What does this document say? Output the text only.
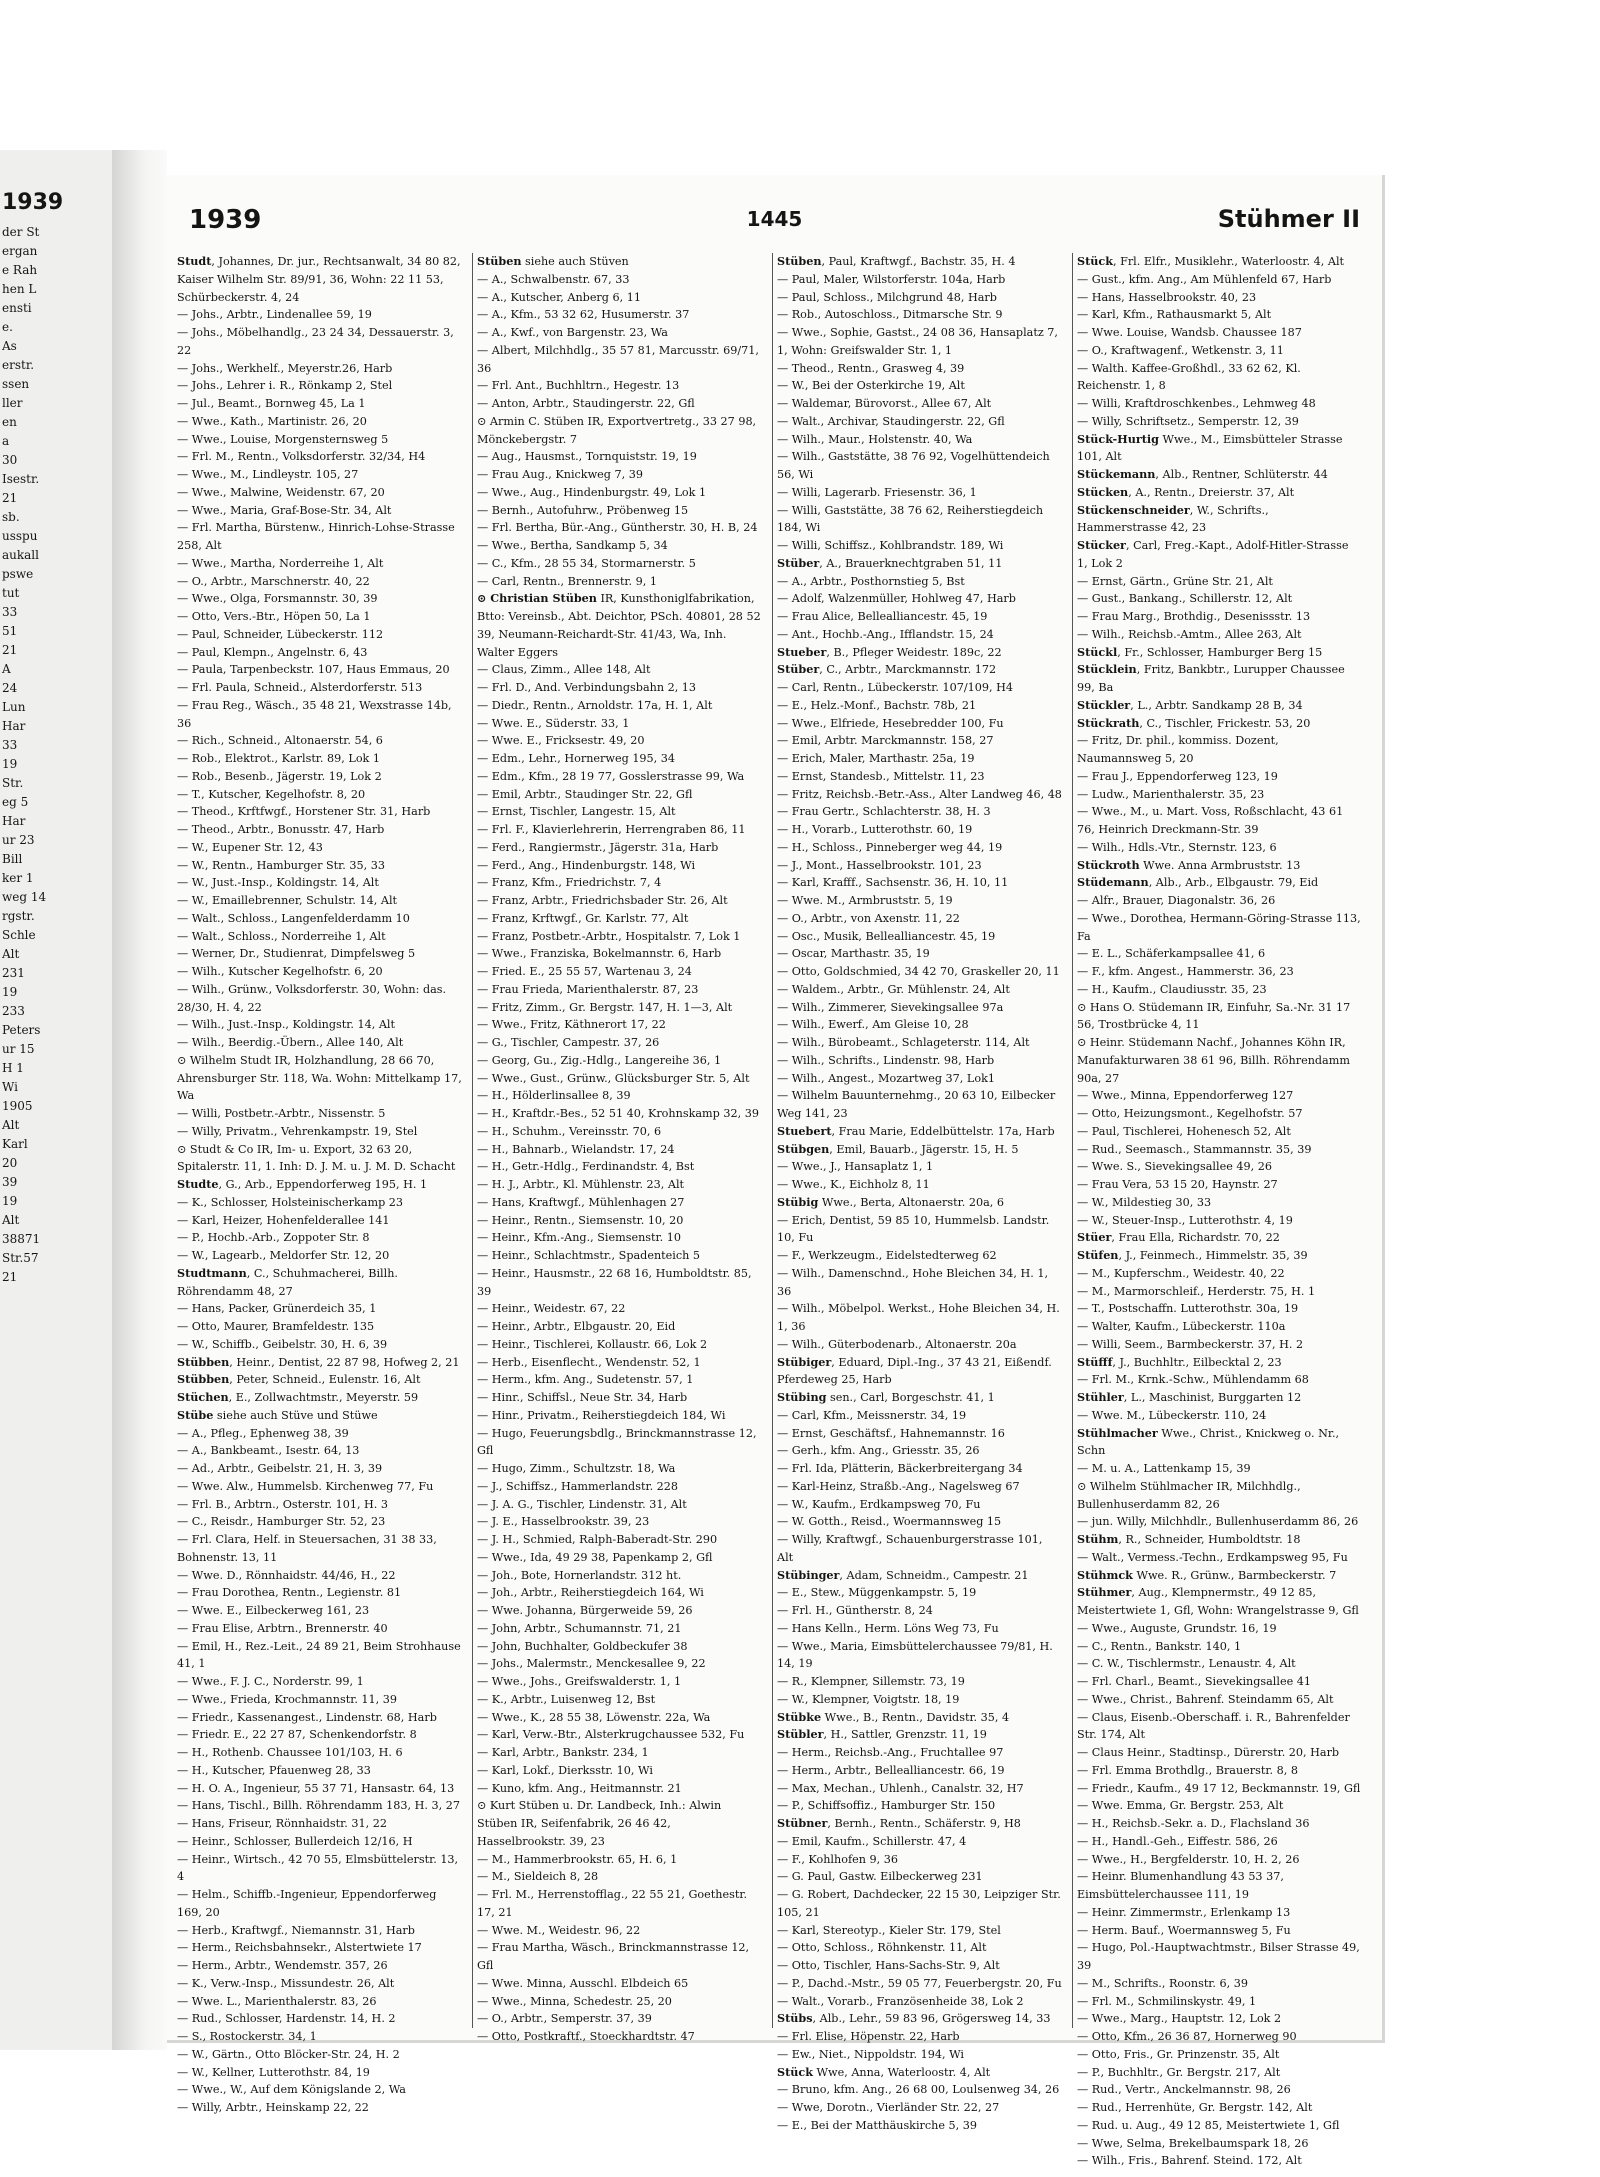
1939
der St
ergan
e Rah
hen L
ensti
e.
As
erstr.
ssen
ller
en
a
30
Isestr.
21
sb.
usspu
aukall
pswe
tut
33
51
21
A
24
Lun
Har
33
19
Str.
eg 5
Har
ur 23
Bill
ker 1
weg 14
rgstr.
Schle
Alt
231
19
233
Peters
ur 15
H 1
Wi
1905
Alt
Karl
20
39
19
Alt
38871
Str.57
21
1939	1445	Stühmer II

Studt, Johannes, Dr. jur., Rechtsanwalt, 34 80 82, Kaiser Wilhelm Str. 89/91, 36, Wohn: 22 11 53, Schürbeckerstr. 4, 24

— Johs., Arbtr., Lindenallee 59, 19

— Johs., Möbelhandlg., 23 24 34, Dessauerstr. 3, 22

— Johs., Werkhelf., Meyerstr.26, Harb

— Johs., Lehrer i. R., Rönkamp 2, Stel

— Jul., Beamt., Bornweg 45, La 1

— Wwe., Kath., Martinistr. 26, 20

— Wwe., Louise, Morgensternsweg 5

— Frl. M., Rentn., Volksdorferstr. 32/34, H4

— Wwe., M., Lindleystr. 105, 27

— Wwe., Malwine, Weidenstr. 67, 20

— Wwe., Maria, Graf-Bose-Str. 34, Alt

— Frl. Martha, Bürstenw., Hinrich-Lohse-Strasse 258, Alt

— Wwe., Martha, Norderreihe 1, Alt

— O., Arbtr., Marschnerstr. 40, 22

— Wwe., Olga, Forsmannstr. 30, 39

— Otto, Vers.-Btr., Höpen 50, La 1

— Paul, Schneider, Lübeckerstr. 112

— Paul, Klempn., Angelnstr. 6, 43

— Paula, Tarpenbeckstr. 107, Haus Emmaus, 20

— Frl. Paula, Schneid., Alsterdorferstr. 513

— Frau Reg., Wäsch., 35 48 21, Wexstrasse 14b, 36

— Rich., Schneid., Altonaerstr. 54, 6

— Rob., Elektrot., Karlstr. 89, Lok 1

— Rob., Besenb., Jägerstr. 19, Lok 2

— T., Kutscher, Kegelhofstr. 8, 20

— Theod., Krftfwgf., Horstener Str. 31, Harb

— Theod., Arbtr., Bonusstr. 47, Harb

— W., Eupener Str. 12, 43

— W., Rentn., Hamburger Str. 35, 33

— W., Just.-Insp., Koldingstr. 14, Alt

— W., Emaillebrenner, Schulstr. 14, Alt

— Walt., Schloss., Langenfelderdamm 10

— Walt., Schloss., Norderreihe 1, Alt

— Werner, Dr., Studienrat, Dimpfelsweg 5

— Wilh., Kutscher Kegelhofstr. 6, 20

— Wilh., Grünw., Volksdorferstr. 30, Wohn: das. 28/30, H. 4, 22

— Wilh., Just.-Insp., Koldingstr. 14, Alt

— Wilh., Beerdig.-Übern., Allee 140, Alt

⊙ Wilhelm Studt IR, Holzhandlung, 28 66 70, Ahrensburger Str. 118, Wa. Wohn: Mittelkamp 17, Wa

— Willi, Postbetr.-Arbtr., Nissenstr. 5

— Willy, Privatm., Vehrenkampstr. 19, Stel

⊙ Studt & Co IR, Im- u. Export, 32 63 20, Spitalerstr. 11, 1. Inh: D. J. M. u. J. M. D. Schacht

Studte, G., Arb., Eppendorferweg 195, H. 1

— K., Schlosser, Holsteinischerkamp 23

— Karl, Heizer, Hohenfelderallee 141

— P., Hochb.-Arb., Zoppoter Str. 8

— W., Lagearb., Meldorfer Str. 12, 20

Studtmann, C., Schuhmacherei, Billh. Röhrendamm 48, 27

— Hans, Packer, Grünerdeich 35, 1

— Otto, Maurer, Bramfeldestr. 135

— W., Schiffb., Geibelstr. 30, H. 6, 39

Stübben, Heinr., Dentist, 22 87 98, Hofweg 2, 21

Stübben, Peter, Schneid., Eulenstr. 16, Alt

Stüchen, E., Zollwachtmstr., Meyerstr. 59

Stübe siehe auch Stüve und Stüwe

— A., Pfleg., Ephenweg 38, 39

— A., Bankbeamt., Isestr. 64, 13

— Ad., Arbtr., Geibelstr. 21, H. 3, 39

— Wwe. Alw., Hummelsb. Kirchenweg 77, Fu

— Frl. B., Arbtrn., Osterstr. 101, H. 3

— C., Reisdr., Hamburger Str. 52, 23

— Frl. Clara, Helf. in Steuersachen, 31 38 33, Bohnenstr. 13, 11

— Wwe. D., Rönnhaidstr. 44/46, H., 22

— Frau Dorothea, Rentn., Legienstr. 81

— Wwe. E., Eilbeckerweg 161, 23

— Frau Elise, Arbtrn., Brennerstr. 40

— Emil, H., Rez.-Leit., 24 89 21, Beim Strohhause 41, 1

— Wwe., F. J. C., Norderstr. 99, 1

— Wwe., Frieda, Krochmannstr. 11, 39

— Friedr., Kassenangest., Lindenstr. 68, Harb

— Friedr. E., 22 27 87, Schenkendorfstr. 8

— H., Rothenb. Chaussee 101/103, H. 6

— H., Kutscher, Pfauenweg 28, 33

— H. O. A., Ingenieur, 55 37 71, Hansastr. 64, 13

— Hans, Tischl., Billh. Röhrendamm 183, H. 3, 27

— Hans, Friseur, Rönnhaidstr. 31, 22

— Heinr., Schlosser, Bullerdeich 12/16, H

— Heinr., Wirtsch., 42 70 55, Elmsbüttelerstr. 13, 4

— Helm., Schiffb.-Ingenieur, Eppendorferweg 169, 20

— Herb., Kraftwgf., Niemannstr. 31, Harb

— Herm., Reichsbahnsekr., Alstertwiete 17

— Herm., Arbtr., Wendemstr. 357, 26

— K., Verw.-Insp., Missundestr. 26, Alt

— Wwe. L., Marienthalerstr. 83, 26

— Rud., Schlosser, Hardenstr. 14, H. 2

— S., Rostockerstr. 34, 1

— W., Gärtn., Otto Blöcker-Str. 24, H. 2

— W., Kellner, Lutterothstr. 84, 19

— Wwe., W., Auf dem Königslande 2, Wa

— Willy, Arbtr., Heinskamp 22, 22

Stüben siehe auch Stüven

— A., Schwalbenstr. 67, 33

— A., Kutscher, Anberg 6, 11

— A., Kfm., 53 32 62, Husumerstr. 37

— A., Kwf., von Bargenstr. 23, Wa

— Albert, Milchhdlg., 35 57 81, Marcusstr. 69/71, 36

— Frl. Ant., Buchhltrn., Hegestr. 13

— Anton, Arbtr., Staudingerstr. 22, Gfl

⊙ Armin C. Stüben IR, Exportvertretg., 33 27 98, Mönckebergstr. 7

— Aug., Hausmst., Tornquiststr. 19, 19

— Frau Aug., Knickweg 7, 39

— Wwe., Aug., Hindenburgstr. 49, Lok 1

— Bernh., Autofuhrw., Pröbenweg 15

— Frl. Bertha, Bür.-Ang., Güntherstr. 30, H. B, 24

— Wwe., Bertha, Sandkamp 5, 34

— C., Kfm., 28 55 34, Stormarnerstr. 5

— Carl, Rentn., Brennerstr. 9, 1

⊙ Christian Stüben IR, Kunsthoniglfabrikation, Btto: Vereinsb., Abt. Deichtor, PSch. 40801, 28 52 39, Neumann-Reichardt-Str. 41/43, Wa, Inh. Walter Eggers

— Claus, Zimm., Allee 148, Alt

— Frl. D., And. Verbindungsbahn 2, 13

— Diedr., Rentn., Arnoldstr. 17a, H. 1, Alt

— Wwe. E., Süderstr. 33, 1

— Wwe. E., Fricksestr. 49, 20

— Edm., Lehr., Hornerweg 195, 34

— Edm., Kfm., 28 19 77, Gosslerstrasse 99, Wa

— Emil, Arbtr., Staudinger Str. 22, Gfl

— Ernst, Tischler, Langestr. 15, Alt

— Frl. F., Klavierlehrerin, Herrengraben 86, 11

— Ferd., Rangiermstr., Jägerstr. 31a, Harb

— Ferd., Ang., Hindenburgstr. 148, Wi

— Franz, Kfm., Friedrichstr. 7, 4

— Franz, Arbtr., Friedrichsbader Str. 26, Alt

— Franz, Krftwgf., Gr. Karlstr. 77, Alt

— Franz, Postbetr.-Arbtr., Hospitalstr. 7, Lok 1

— Wwe., Franziska, Bokelmannstr. 6, Harb

— Fried. E., 25 55 57, Wartenau 3, 24

— Frau Frieda, Marienthalerstr. 87, 23

— Fritz, Zimm., Gr. Bergstr. 147, H. 1—3, Alt

— Wwe., Fritz, Käthnerort 17, 22

— G., Tischler, Campestr. 37, 26

— Georg, Gu., Zig.-Hdlg., Langereihe 36, 1

— Wwe., Gust., Grünw., Glücksburger Str. 5, Alt

— H., Hölderlinsallee 8, 39

— H., Kraftdr.-Bes., 52 51 40, Krohnskamp 32, 39

— H., Schuhm., Vereinsstr. 70, 6

— H., Bahnarb., Wielandstr. 17, 24

— H., Getr.-Hdlg., Ferdinandstr. 4, Bst

— H. J., Arbtr., Kl. Mühlenstr. 23, Alt

— Hans, Kraftwgf., Mühlenhagen 27

— Heinr., Rentn., Siemsenstr. 10, 20

— Heinr., Kfm.-Ang., Siemsenstr. 10

— Heinr., Schlachtmstr., Spadenteich 5

— Heinr., Hausmstr., 22 68 16, Humboldtstr. 85, 39

— Heinr., Weidestr. 67, 22

— Heinr., Arbtr., Elbgaustr. 20, Eid

— Heinr., Tischlerei, Kollaustr. 66, Lok 2

— Herb., Eisenflecht., Wendenstr. 52, 1

— Herm., kfm. Ang., Sudetenstr. 57, 1

— Hinr., Schiffsl., Neue Str. 34, Harb

— Hinr., Privatm., Reiherstiegdeich 184, Wi

— Hugo, Feuerungsbdlg., Brinckmannstrasse 12, Gfl

— Hugo, Zimm., Schultzstr. 18, Wa

— J., Schiffsz., Hammerlandstr. 228

— J. A. G., Tischler, Lindenstr. 31, Alt

— J. E., Hasselbrookstr. 39, 23

— J. H., Schmied, Ralph-Baberadt-Str. 290

— Wwe., Ida, 49 29 38, Papenkamp 2, Gfl

— Joh., Bote, Hornerlandstr. 312 ht.

— Joh., Arbtr., Reiherstiegdeich 164, Wi

— Wwe. Johanna, Bürgerweide 59, 26

— John, Arbtr., Schumannstr. 71, 21

— John, Buchhalter, Goldbeckufer 38

— Johs., Malermstr., Menckesallee 9, 22

— Wwe., Johs., Greifswalderstr. 1, 1

— K., Arbtr., Luisenweg 12, Bst

— Wwe., K., 28 55 38, Löwenstr. 22a, Wa

— Karl, Verw.-Btr., Alsterkrugchaussee 532, Fu

— Karl, Arbtr., Bankstr. 234, 1

— Karl, Lokf., Dierksstr. 10, Wi

— Kuno, kfm. Ang., Heitmannstr. 21

⊙ Kurt Stüben u. Dr. Landbeck, Inh.: Alwin Stüben IR, Seifenfabrik, 26 46 42, Hasselbrookstr. 39, 23

— M., Hammerbrookstr. 65, H. 6, 1

— M., Sieldeich 8, 28

— Frl. M., Herrenstofflag., 22 55 21, Goethestr. 17, 21

— Wwe. M., Weidestr. 96, 22

— Frau Martha, Wäsch., Brinckmannstrasse 12, Gfl

— Wwe. Minna, Ausschl. Elbdeich 65

— Wwe., Minna, Schedestr. 25, 20

— O., Arbtr., Semperstr. 37, 39

— Otto, Postkraftf., Stoeckhardtstr. 47

Stüben, Paul, Kraftwgf., Bachstr. 35, H. 4

— Paul, Maler, Wilstorferstr. 104a, Harb

— Paul, Schloss., Milchgrund 48, Harb

— Rob., Autoschloss., Ditmarsche Str. 9

— Wwe., Sophie, Gastst., 24 08 36, Hansaplatz 7, 1, Wohn: Greifswalder Str. 1, 1

— Theod., Rentn., Grasweg 4, 39

— W., Bei der Osterkirche 19, Alt

— Waldemar, Bürovorst., Allee 67, Alt

— Walt., Archivar, Staudingerstr. 22, Gfl

— Wilh., Maur., Holstenstr. 40, Wa

— Wilh., Gaststätte, 38 76 92, Vogelhüttendeich 56, Wi

— Willi, Lagerarb. Friesenstr. 36, 1

— Willi, Gaststätte, 38 76 62, Reiherstiegdeich 184, Wi

— Willi, Schiffsz., Kohlbrandstr. 189, Wi

Stüber, A., Brauerknechtgraben 51, 11

— A., Arbtr., Posthornstieg 5, Bst

— Adolf, Walzenmüller, Hohlweg 47, Harb

— Frau Alice, Bellealliancestr. 45, 19

— Ant., Hochb.-Ang., Ifflandstr. 15, 24

Stueber, B., Pfleger Weidestr. 189c, 22

Stüber, C., Arbtr., Marckmannstr. 172

— Carl, Rentn., Lübeckerstr. 107/109, H4

— E., Helz.-Monf., Bachstr. 78b, 21

— Wwe., Elfriede, Hesebredder 100, Fu

— Emil, Arbtr. Marckmannstr. 158, 27

— Erich, Maler, Marthastr. 25a, 19

— Ernst, Standesb., Mittelstr. 11, 23

— Fritz, Reichsb.-Betr.-Ass., Alter Landweg 46, 48

— Frau Gertr., Schlachterstr. 38, H. 3

— H., Vorarb., Lutterothstr. 60, 19

— H., Schloss., Pinneberger weg 44, 19

— J., Mont., Hasselbrookstr. 101, 23

— Karl, Krafff., Sachsenstr. 36, H. 10, 11

— Wwe. M., Armbruststr. 5, 19

— O., Arbtr., von Axenstr. 11, 22

— Osc., Musik, Bellealliancestr. 45, 19

— Oscar, Marthastr. 35, 19

— Otto, Goldschmied, 34 42 70, Graskeller 20, 11

— Waldem., Arbtr., Gr. Mühlenstr. 24, Alt

— Wilh., Zimmerer, Sievekingsallee 97a

— Wilh., Ewerf., Am Gleise 10, 28

— Wilh., Bürobeamt., Schlageterstr. 114, Alt

— Wilh., Schrifts., Lindenstr. 98, Harb

— Wilh., Angest., Mozartweg 37, Lok1

— Wilhelm Bauunternehmg., 20 63 10, Eilbecker Weg 141, 23

Stuebert, Frau Marie, Eddelbüttelstr. 17a, Harb

Stübgen, Emil, Bauarb., Jägerstr. 15, H. 5

— Wwe., J., Hansaplatz 1, 1

— Wwe., K., Eichholz 8, 11

Stübig Wwe., Berta, Altonaerstr. 20a, 6

— Erich, Dentist, 59 85 10, Hummelsb. Landstr. 10, Fu

— F., Werkzeugm., Eidelstedterweg 62

— Wilh., Damenschnd., Hohe Bleichen 34, H. 1, 36

— Wilh., Möbelpol. Werkst., Hohe Bleichen 34, H. 1, 36

— Wilh., Güterbodenarb., Altonaerstr. 20a

Stübiger, Eduard, Dipl.-Ing., 37 43 21, Eißendf. Pferdeweg 25, Harb

Stübing sen., Carl, Borgeschstr. 41, 1

— Carl, Kfm., Meissnerstr. 34, 19

— Ernst, Geschäftsf., Hahnemannstr. 16

— Gerh., kfm. Ang., Griesstr. 35, 26

— Frl. Ida, Plätterin, Bäckerbreitergang 34

— Karl-Heinz, Straßb.-Ang., Nagelsweg 67

— W., Kaufm., Erdkampsweg 70, Fu

— W. Gotth., Reisd., Woermannsweg 15

— Willy, Kraftwgf., Schauenburgerstrasse 101, Alt

Stübinger, Adam, Schneidm., Campestr. 21

— E., Stew., Müggenkampstr. 5, 19

— Frl. H., Güntherstr. 8, 24

— Hans Kelln., Herm. Löns Weg 73, Fu

— Wwe., Maria, Eimsbüttelerchaussee 79/81, H. 14, 19

— R., Klempner, Sillemstr. 73, 19

— W., Klempner, Voigtstr. 18, 19

Stübke Wwe., B., Rentn., Davidstr. 35, 4

Stübler, H., Sattler, Grenzstr. 11, 19

— Herm., Reichsb.-Ang., Fruchtallee 97

— Herm., Arbtr., Bellealliancestr. 66, 19

— Max, Mechan., Uhlenh., Canalstr. 32, H7

— P., Schiffsoffiz., Hamburger Str. 150

Stübner, Bernh., Rentn., Schäferstr. 9, H8

— Emil, Kaufm., Schillerstr. 47, 4

— F., Kohlhofen 9, 36

— G. Paul, Gastw. Eilbeckerweg 231

— G. Robert, Dachdecker, 22 15 30, Leipziger Str. 105, 21

— Karl, Stereotyp., Kieler Str. 179, Stel

— Otto, Schloss., Röhnkenstr. 11, Alt

— Otto, Tischler, Hans-Sachs-Str. 9, Alt

— P., Dachd.-Mstr., 59 05 77, Feuerbergstr. 20, Fu

— Walt., Vorarb., Französenheide 38, Lok 2

Stübs, Alb., Lehr., 59 83 96, Grögersweg 14, 33

— Frl. Elise, Höpenstr. 22, Harb

— Ew., Niet., Nippoldstr. 194, Wi

Stück Wwe, Anna, Waterloostr. 4, Alt

— Bruno, kfm. Ang., 26 68 00, Loulsenweg 34, 26

— Wwe, Dorotn., Vierländer Str. 22, 27

— E., Bei der Matthäuskirche 5, 39

Stück, Frl. Elfr., Musiklehr., Waterloostr. 4, Alt

— Gust., kfm. Ang., Am Mühlenfeld 67, Harb

— Hans, Hasselbrookstr. 40, 23

— Karl, Kfm., Rathausmarkt 5, Alt

— Wwe. Louise, Wandsb. Chaussee 187

— O., Kraftwagenf., Wetkenstr. 3, 11

— Walth. Kaffee-Großhdl., 33 62 62, Kl. Reichenstr. 1, 8

— Willi, Kraftdroschkenbes., Lehmweg 48

— Willy, Schriftsetz., Semperstr. 12, 39

Stück-Hurtig Wwe., M., Eimsbütteler Strasse 101, Alt

Stückemann, Alb., Rentner, Schlüterstr. 44

Stücken, A., Rentn., Dreierstr. 37, Alt

Stückenschneider, W., Schrifts., Hammerstrasse 42, 23

Stücker, Carl, Freg.-Kapt., Adolf-Hitler-Strasse 1, Lok 2

— Ernst, Gärtn., Grüne Str. 21, Alt

— Gust., Bankang., Schillerstr. 12, Alt

— Frau Marg., Brothdig., Desenissstr. 13

— Wilh., Reichsb.-Amtm., Allee 263, Alt

Stückl, Fr., Schlosser, Hamburger Berg 15

Stücklein, Fritz, Bankbtr., Lurupper Chaussee 99, Ba

Stückler, L., Arbtr. Sandkamp 28 B, 34

Stückrath, C., Tischler, Frickestr. 53, 20

— Fritz, Dr. phil., kommiss. Dozent, Naumannsweg 5, 20

— Frau J., Eppendorferweg 123, 19

— Ludw., Marienthalerstr. 35, 23

— Wwe., M., u. Mart. Voss, Roßschlacht, 43 61 76, Heinrich Dreckmann-Str. 39

— Wilh., Hdls.-Vtr., Sternstr. 123, 6

Stückroth Wwe. Anna Armbruststr. 13

Stüdemann, Alb., Arb., Elbgaustr. 79, Eid

— Alfr., Brauer, Diagonalstr. 36, 26

— Wwe., Dorothea, Hermann-Göring-Strasse 113, Fa

— E. L., Schäferkampsallee 41, 6

— F., kfm. Angest., Hammerstr. 36, 23

— H., Kaufm., Claudiusstr. 35, 23

⊙ Hans O. Stüdemann IR, Einfuhr, Sa.-Nr. 31 17 56, Trostbrücke 4, 11

⊙ Heinr. Stüdemann Nachf., Johannes Köhn IR, Manufakturwaren 38 61 96, Billh. Röhrendamm 90a, 27

— Wwe., Minna, Eppendorferweg 127

— Otto, Heizungsmont., Kegelhofstr. 57

— Paul, Tischlerei, Hohenesch 52, Alt

— Rud., Seemasch., Stammannstr. 35, 39

— Wwe. S., Sievekingsallee 49, 26

— Frau Vera, 53 15 20, Haynstr. 27

— W., Mildestieg 30, 33

— W., Steuer-Insp., Lutterothstr. 4, 19

Stüer, Frau Ella, Richardstr. 70, 22

Stüfen, J., Feinmech., Himmelstr. 35, 39

— M., Kupferschm., Weidestr. 40, 22

— M., Marmorschleif., Herderstr. 75, H. 1

— T., Postschaffn. Lutterothstr. 30a, 19

— Walter, Kaufm., Lübeckerstr. 110a

— Willi, Seem., Barmbeckerstr. 37, H. 2

Stüfff, J., Buchhltr., Eilbecktal 2, 23

— Frl. M., Krnk.-Schw., Mühlendamm 68

Stühler, L., Maschinist, Burggarten 12

— Wwe. M., Lübeckerstr. 110, 24

Stühlmacher Wwe., Christ., Knickweg o. Nr., Schn

— M. u. A., Lattenkamp 15, 39

⊙ Wilhelm Stühlmacher IR, Milchhdlg., Bullenhuserdamm 82, 26

— jun. Willy, Milchhdlr., Bullenhuserdamm 86, 26

Stühm, R., Schneider, Humboldtstr. 18

— Walt., Vermess.-Techn., Erdkampsweg 95, Fu

Stühmck Wwe. R., Grünw., Barmbeckerstr. 7

Stühmer, Aug., Klempnermstr., 49 12 85, Meistertwiete 1, Gfl, Wohn: Wrangelstrasse 9, Gfl

— Wwe., Auguste, Grundstr. 16, 19

— C., Rentn., Bankstr. 140, 1

— C. W., Tischlermstr., Lenaustr. 4, Alt

— Frl. Charl., Beamt., Sievekingsallee 41

— Wwe., Christ., Bahrenf. Steindamm 65, Alt

— Claus, Eisenb.-Oberschaff. i. R., Bahrenfelder Str. 174, Alt

— Claus Heinr., Stadtinsp., Dürerstr. 20, Harb

— Frl. Emma Brothdlg., Brauerstr. 8, 8

— Friedr., Kaufm., 49 17 12, Beckmannstr. 19, Gfl

— Wwe. Emma, Gr. Bergstr. 253, Alt

— H., Reichsb.-Sekr. a. D., Flachsland 36

— H., Handl.-Geh., Eiffestr. 586, 26

— Wwe., H., Bergfelderstr. 10, H. 2, 26

— Heinr. Blumenhandlung 43 53 37, Eimsbüttelerchaussee 111, 19

— Heinr. Zimmermstr., Erlenkamp 13

— Herm. Bauf., Woermannsweg 5, Fu

— Hugo, Pol.-Hauptwachtmstr., Bilser Strasse 49, 39

— M., Schrifts., Roonstr. 6, 39

— Frl. M., Schmilinskystr. 49, 1

— Wwe., Marg., Hauptstr. 12, Lok 2

— Otto, Kfm., 26 36 87, Hornerweg 90

— Otto, Fris., Gr. Prinzenstr. 35, Alt

— P., Buchhltr., Gr. Bergstr. 217, Alt

— Rud., Vertr., Anckelmannstr. 98, 26

— Rud., Herrenhüte, Gr. Bergstr. 142, Alt

— Rud. u. Aug., 49 12 85, Meistertwiete 1, Gfl

— Wwe, Selma, Brekelbaumspark 18, 26

— Wilh., Fris., Bahrenf. Steind. 172, Alt
